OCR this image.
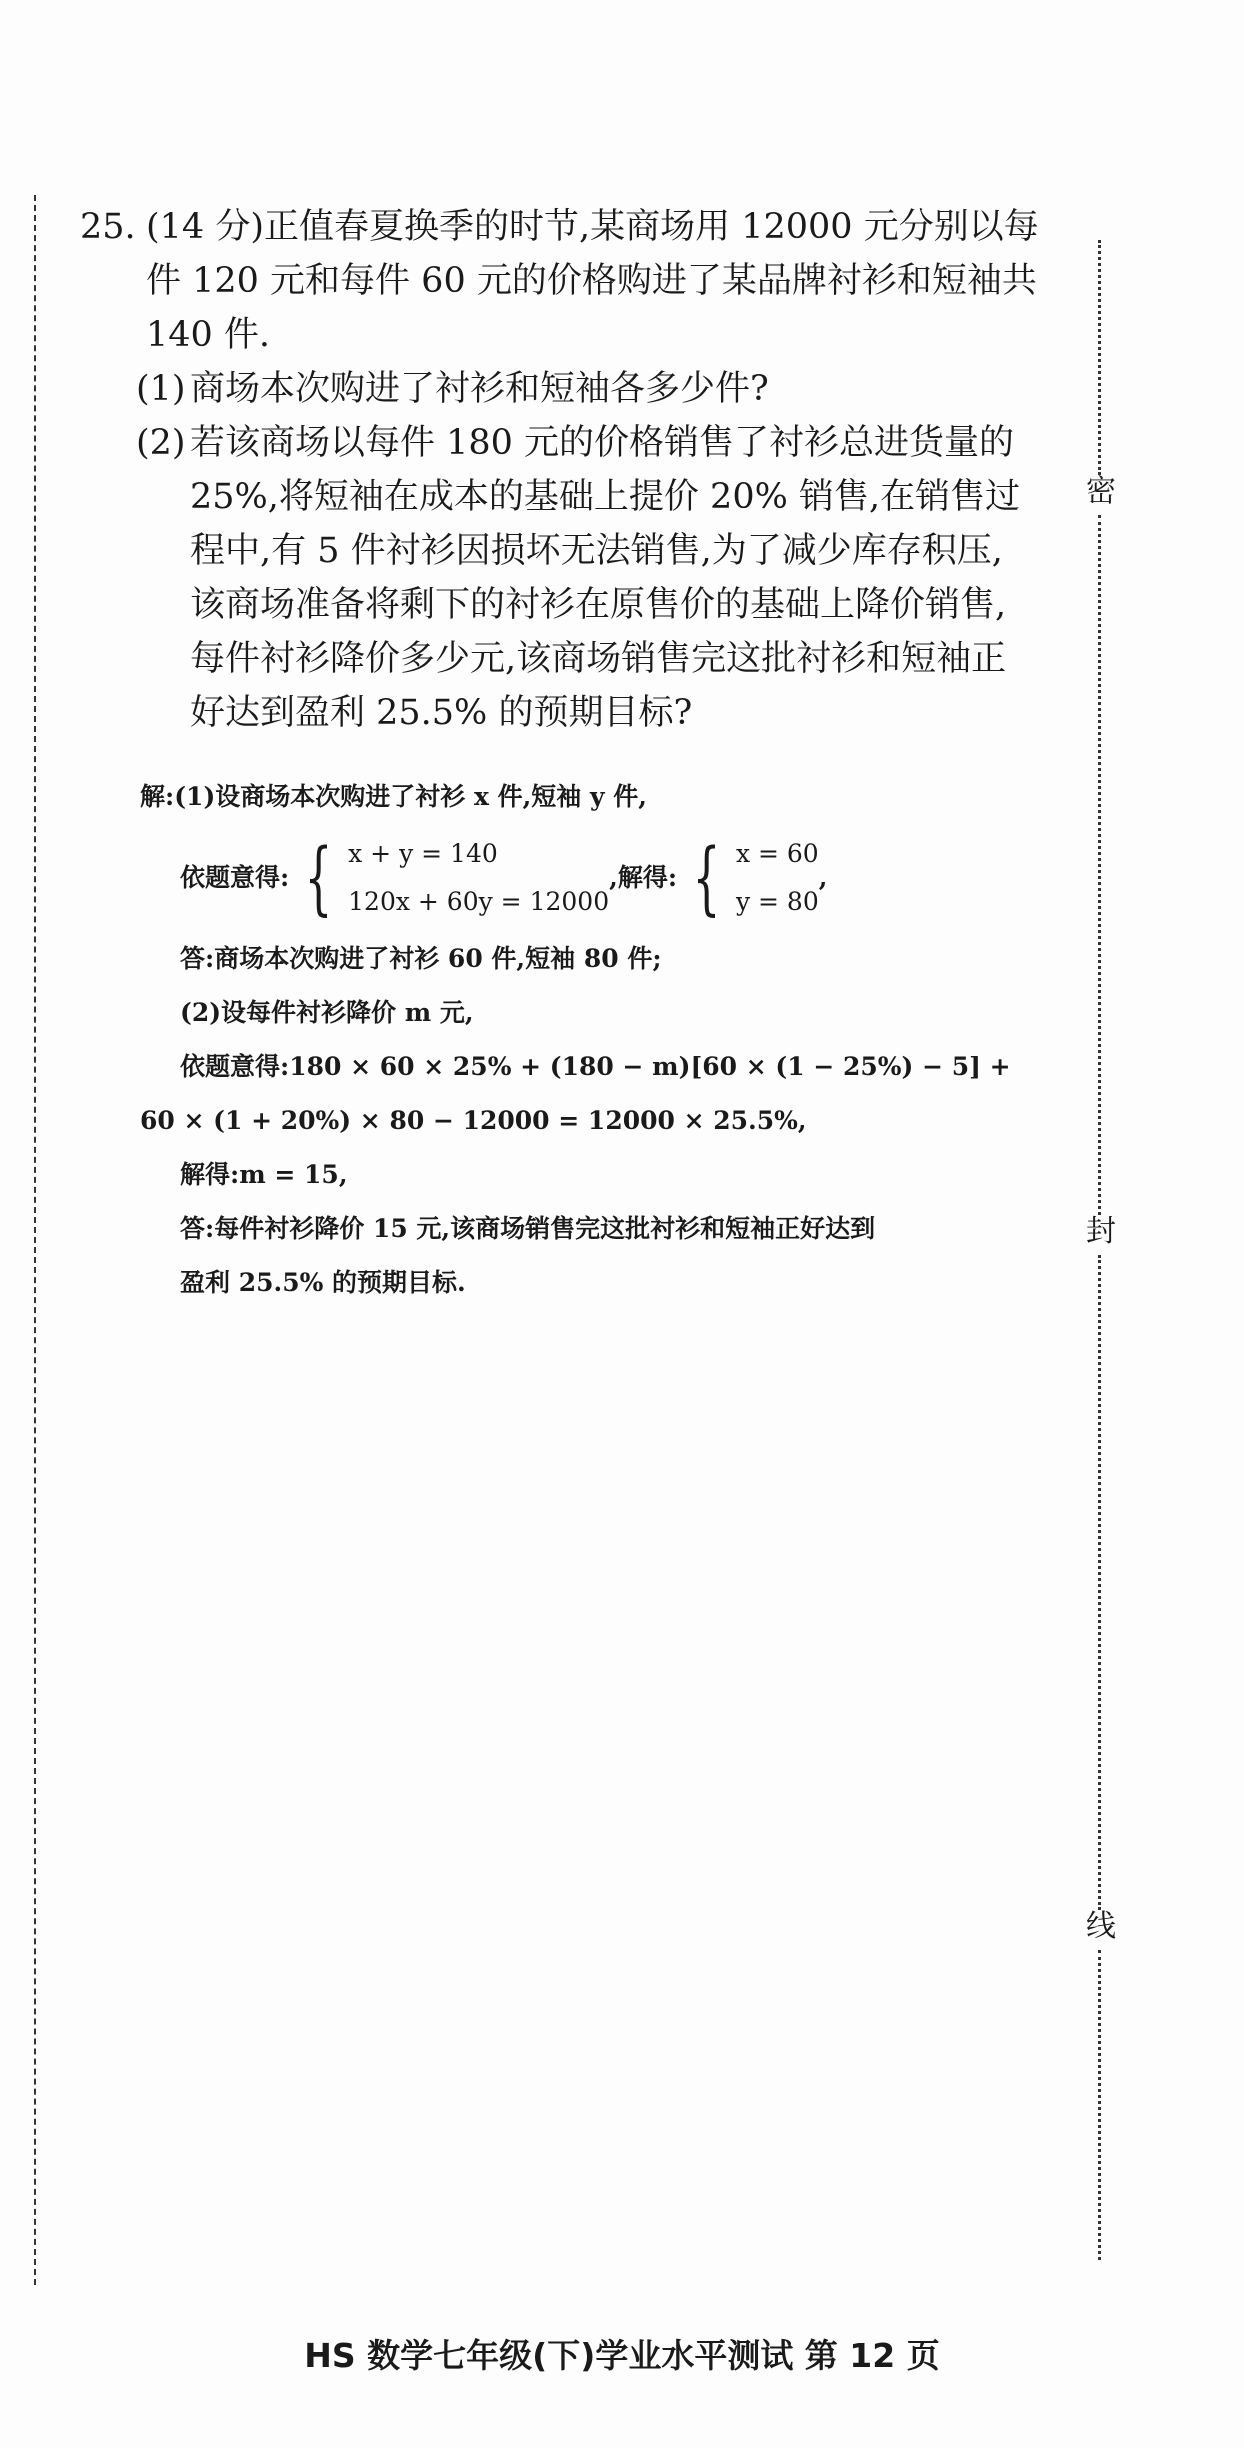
密
封
线
25. (14 分)正值春夏换季的时节,某商场用 12000 元分别以每
件 120 元和每件 60 元的价格购进了某品牌衬衫和短袖共
140 件.
(1) 商场本次购进了衬衫和短袖各多少件?
(2) 若该商场以每件 180 元的价格销售了衬衫总进货量的
25%,将短袖在成本的基础上提价 20% 销售,在销售过
程中,有 5 件衬衫因损坏无法销售,为了减少库存积压,
该商场准备将剩下的衬衫在原售价的基础上降价销售,
每件衬衫降价多少元,该商场销售完这批衬衫和短袖正
好达到盈利 25.5% 的预期目标?
解:(1)设商场本次购进了衬衫 x 件,短袖 y 件,
依题意得: { x + y = 140
120x + 60y = 12000
,解得: { x = 60
y = 80
,
答:商场本次购进了衬衫 60 件,短袖 80 件;
(2)设每件衬衫降价 m 元,
依题意得:180 × 60 × 25% + (180 − m)[60 × (1 − 25%) − 5] +
60 × (1 + 20%) × 80 − 12000 = 12000 × 25.5%,
解得:m = 15,
答:每件衬衫降价 15 元,该商场销售完这批衬衫和短袖正好达到
盈利 25.5% 的预期目标.
HS 数学七年级(下)学业水平测试 第 12 页
